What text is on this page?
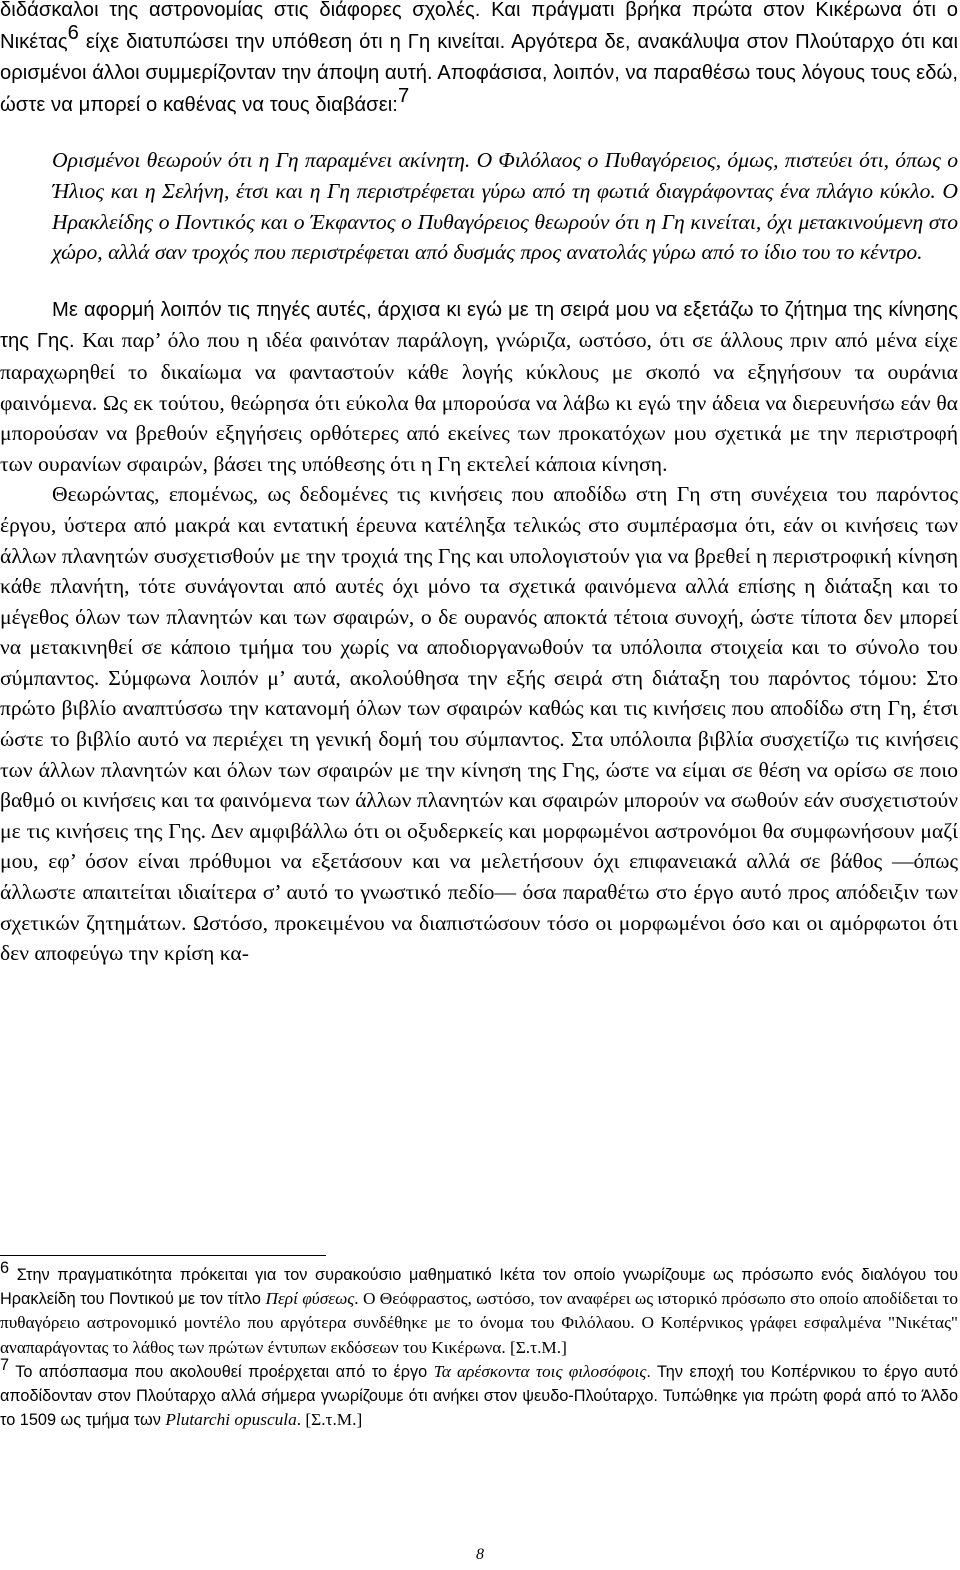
διδάσκαλοι της αστρονομίας στις διάφορες σχολές. Και πράγματι βρήκα πρώτα στον Κικέρωνα ότι ο Νικέτας$^6$ είχε διατυπώσει την υπόθεση ότι η Γη κινείται. Αργότερα δε, ανακάλυψα στον Πλούταρχο ότι και ορισμένοι άλλοι συμμερίζονταν την άποψη αυτή. Αποφάσισα, λοιπόν, να παραθέσω τους λόγους τους εδώ, ώστε να μπορεί ο καθένας να τους διαβάσει:$^7$

Ορισμένοι θεωρούν ότι η Γη παραμένει ακίνητη. Ο Φιλόλαος ο Πυθαγόρειος, όμως, πιστεύει ότι, όπως ο Ήλιος και η Σελήνη, έτσι και η Γη περιστρέφεται γύρω από τη φωτιά διαγράφοντας ένα πλάγιο κύκλο. Ο Ηρακλείδης ο Ποντικός και ο Έκφαντος ο Πυθαγόρειος θεωρούν ότι η Γη κινείται, όχι μετακινούμενη στο χώρο, αλλά σαν τροχός που περιστρέφεται από δυσμάς προς ανατολάς γύρω από το ίδιο του το κέντρο.

Με αφορμή λοιπόν τις πηγές αυτές, άρχισα κι εγώ με τη σειρά μου να εξετάζω το ζήτημα της κίνησης της Γης. Και παρ’ όλο που η ιδέα φαινόταν παράλογη, γνώριζα, ωστόσο, ότι σε άλλους πριν από μένα είχε παραχωρηθεί το δικαίωμα να φανταστούν κάθε λογής κύκλους με σκοπό να εξηγήσουν τα ουράνια φαινόμενα. Ως εκ τούτου, θεώρησα ότι εύκολα θα μπορούσα να λάβω κι εγώ την άδεια να διερευνήσω εάν θα μπορούσαν να βρεθούν εξηγήσεις ορθότερες από εκείνες των προκατόχων μου σχετικά με την περιστροφή των ουρανίων σφαιρών, βάσει της υπόθεσης ότι η Γη εκτελεί κάποια κίνηση.

Θεωρώντας, επομένως, ως δεδομένες τις κινήσεις που αποδίδω στη Γη στη συνέχεια του παρόντος έργου, ύστερα από μακρά και εντατική έρευνα κατέληξα τελικώς στο συμπέρασμα ότι, εάν οι κινήσεις των άλλων πλανητών συσχετισθούν με την τροχιά της Γης και υπολογιστούν για να βρεθεί η περιστροφική κίνηση κάθε πλανήτη, τότε συνάγονται από αυτές όχι μόνο τα σχετικά φαινόμενα αλλά επίσης η διάταξη και το μέγεθος όλων των πλανητών και των σφαιρών, ο δε ουρανός αποκτά τέτοια συνοχή, ώστε τίποτα δεν μπορεί να μετακινηθεί σε κάποιο τμήμα του χωρίς να αποδιοργανωθούν τα υπόλοιπα στοιχεία και το σύνολο του σύμπαντος. Σύμφωνα λοιπόν μ’ αυτά, ακολούθησα την εξής σειρά στη διάταξη του παρόντος τόμου: Στο πρώτο βιβλίο αναπτύσσω την κατανομή όλων των σφαιρών καθώς και τις κινήσεις που αποδίδω στη Γη, έτσι ώστε το βιβλίο αυτό να περιέχει τη γενική δομή του σύμπαντος. Στα υπόλοιπα βιβλία συσχετίζω τις κινήσεις των άλλων πλανητών και όλων των σφαιρών με την κίνηση της Γης, ώστε να είμαι σε θέση να ορίσω σε ποιο βαθμό οι κινήσεις και τα φαινόμενα των άλλων πλανητών και σφαιρών μπορούν να σωθούν εάν συσχετιστούν με τις κινήσεις της Γης. Δεν αμφιβάλλω ότι οι οξυδερκείς και μορφωμένοι αστρονόμοι θα συμφωνήσουν μαζί μου, εφ’ όσον είναι πρόθυμοι να εξετάσουν και να μελετήσουν όχι επιφανειακά αλλά σε βάθος —όπως άλλωστε απαιτείται ιδιαίτερα σ’ αυτό το γνωστικό πεδίο— όσα παραθέτω στο έργο αυτό προς απόδειξιν των σχετικών ζητημάτων. Ωστόσο, προκειμένου να διαπιστώσουν τόσο οι μορφωμένοι όσο και οι αμόρφωτοι ότι δεν αποφεύγω την κρίση κα-

$^6$ Στην πραγματικότητα πρόκειται για τον συρακούσιο μαθηματικό Ικέτα τον οποίο γνωρίζουμε ως πρόσωπο ενός διαλόγου του Ηρακλείδη του Ποντικού με τον τίτλο Περί φύσεως. Ο Θεόφραστος, ωστόσο, τον αναφέρει ως ιστορικό πρόσωπο στο οποίο αποδίδεται το πυθαγόρειο αστρονομικό μοντέλο που αργότερα συνδέθηκε με το όνομα του Φιλόλαου. Ο Κοπέρνικος γράφει εσφαλμένα "Νικέτας" αναπαράγοντας το λάθος των πρώτων έντυπων εκδόσεων του Κικέρωνα. [Σ.τ.Μ.]

$^7$ Το απόσπασμα που ακολουθεί προέρχεται από το έργο Τα αρέσκοντα τοις φιλοσόφοις. Την εποχή του Κοπέρνικου το έργο αυτό αποδίδονταν στον Πλούταρχο αλλά σήμερα γνωρίζουμε ότι ανήκει στον ψευδο-Πλούταρχο. Τυπώθηκε για πρώτη φορά από το Άλδο το 1509 ως τμήμα των Plutarchi opuscula. [Σ.τ.Μ.]

8
